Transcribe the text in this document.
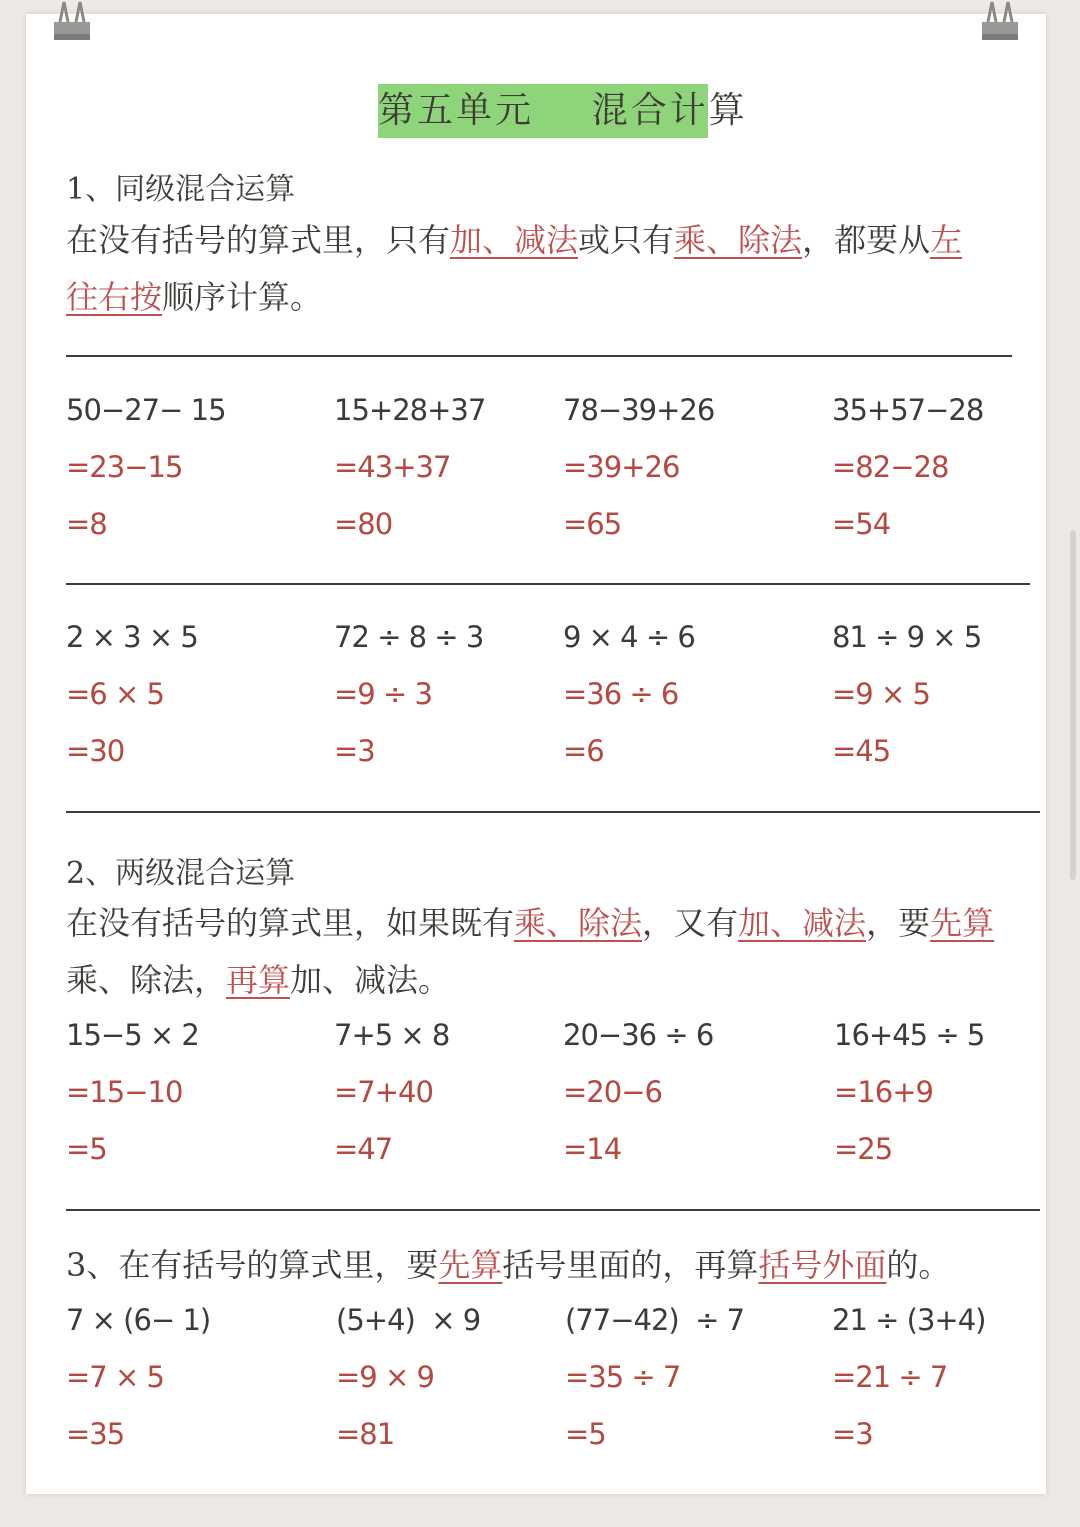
第五单元    混合计算
1、同级混合运算
在没有括号的算式里，只有加、减法或只有乘、除法，都要从左
往右按顺序计算。
50−27− 15	15+28+37	78−39+26	35+57−28
=23−15	=43+37	=39+26	=82−28
=8	=80	=65	=54
2 × 3 × 5	72 ÷ 8 ÷ 3	9 × 4 ÷ 6	81 ÷ 9 × 5
=6 × 5	=9 ÷ 3	=36 ÷ 6	=9 × 5
=30	=3	=6	=45
2、两级混合运算
在没有括号的算式里，如果既有乘、除法，又有加、减法，要先算
乘、除法，再算加、减法。
15−5 × 2	7+5 × 8	20−36 ÷ 6	16+45 ÷ 5
=15−10	=7+40	=20−6	=16+9
=5	=47	=14	=25
3、在有括号的算式里，要先算括号里面的，再算括号外面的。
7 × (6− 1)	(5+4)  × 9	(77−42)  ÷ 7	21 ÷ (3+4)
=7 × 5	=9 × 9	=35 ÷ 7	=21 ÷ 7
=35	=81	=5	=3
